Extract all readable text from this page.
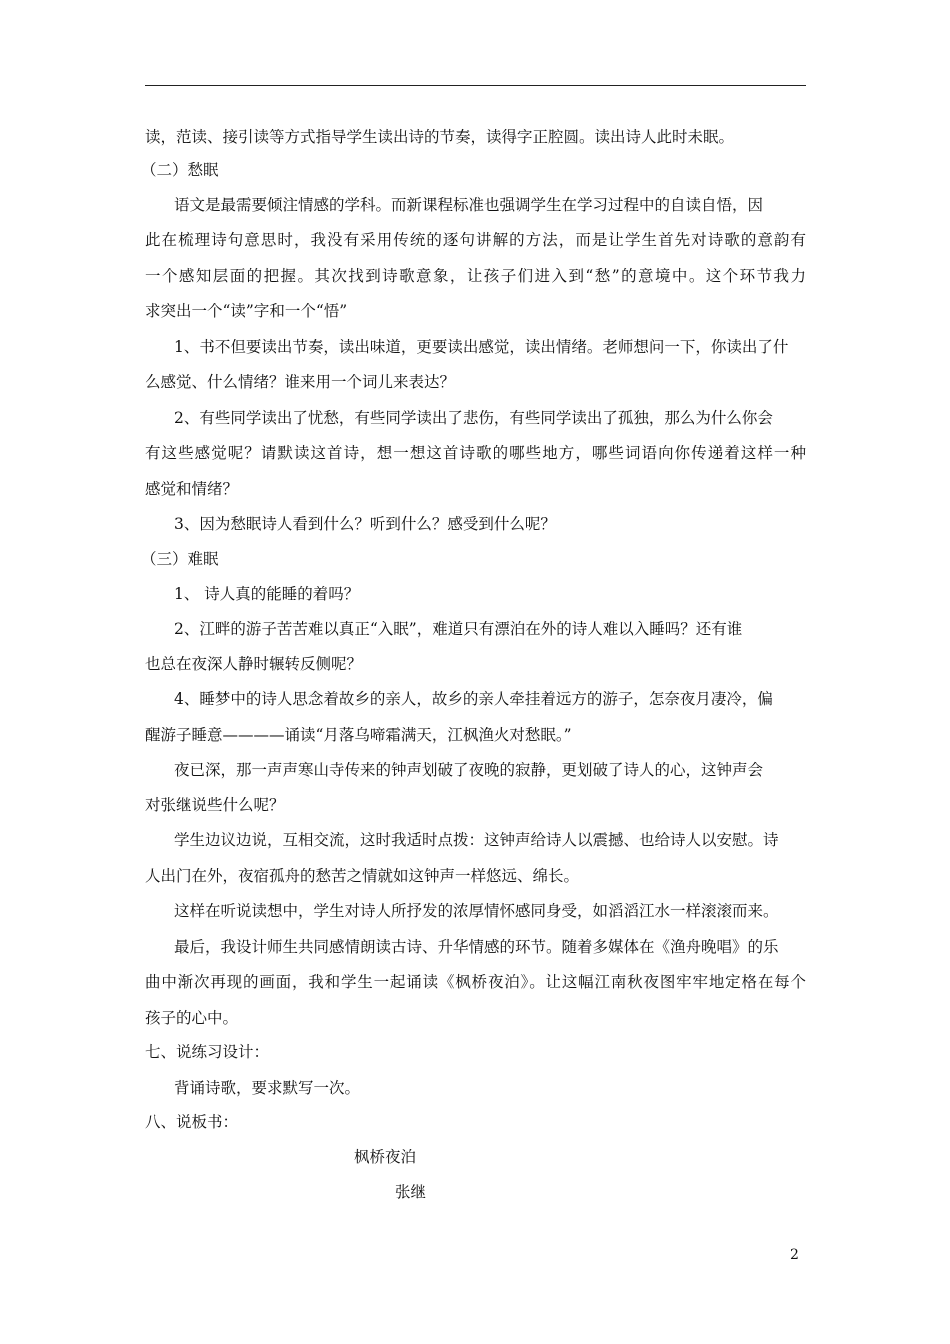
读，范读、接引读等方式指导学生读出诗的节奏，读得字正腔圆。读出诗人此时未眠。
（二）愁眠
语文是最需要倾注情感的学科。而新课程标准也强调学生在学习过程中的自读自悟，因
此在梳理诗句意思时，我没有采用传统的逐句讲解的方法，而是让学生首先对诗歌的意韵有
一个感知层面的把握。其次找到诗歌意象，让孩子们进入到“愁”的意境中。这个环节我力
求突出一个“读”字和一个“悟”
1、书不但要读出节奏，读出味道，更要读出感觉，读出情绪。老师想问一下，你读出了什
么感觉、什么情绪？谁来用一个词儿来表达？
2、有些同学读出了忧愁，有些同学读出了悲伤，有些同学读出了孤独，那么为什么你会
有这些感觉呢？请默读这首诗，想一想这首诗歌的哪些地方，哪些词语向你传递着这样一种
感觉和情绪？
3、因为愁眠诗人看到什么？听到什么？感受到什么呢？
（三）难眠
1、 诗人真的能睡的着吗？
2、江畔的游子苦苦难以真正“入眠”，难道只有漂泊在外的诗人难以入睡吗？还有谁
也总在夜深人静时辗转反侧呢？
4、睡梦中的诗人思念着故乡的亲人，故乡的亲人牵挂着远方的游子，怎奈夜月凄冷，偏
醒游子睡意————诵读“月落乌啼霜满天，江枫渔火对愁眠。”
夜已深，那一声声寒山寺传来的钟声划破了夜晚的寂静，更划破了诗人的心，这钟声会
对张继说些什么呢？
学生边议边说，互相交流，这时我适时点拨：这钟声给诗人以震撼、也给诗人以安慰。诗
人出门在外，夜宿孤舟的愁苦之情就如这钟声一样悠远、绵长。
这样在听说读想中，学生对诗人所抒发的浓厚情怀感同身受，如滔滔江水一样滚滚而来。
最后，我设计师生共同感情朗读古诗、升华情感的环节。随着多媒体在《渔舟晚唱》的乐
曲中渐次再现的画面，我和学生一起诵读《枫桥夜泊》。让这幅江南秋夜图牢牢地定格在每个
孩子的心中。
七、说练习设计：
背诵诗歌，要求默写一次。
八、说板书：
枫桥夜泊
张继
2
